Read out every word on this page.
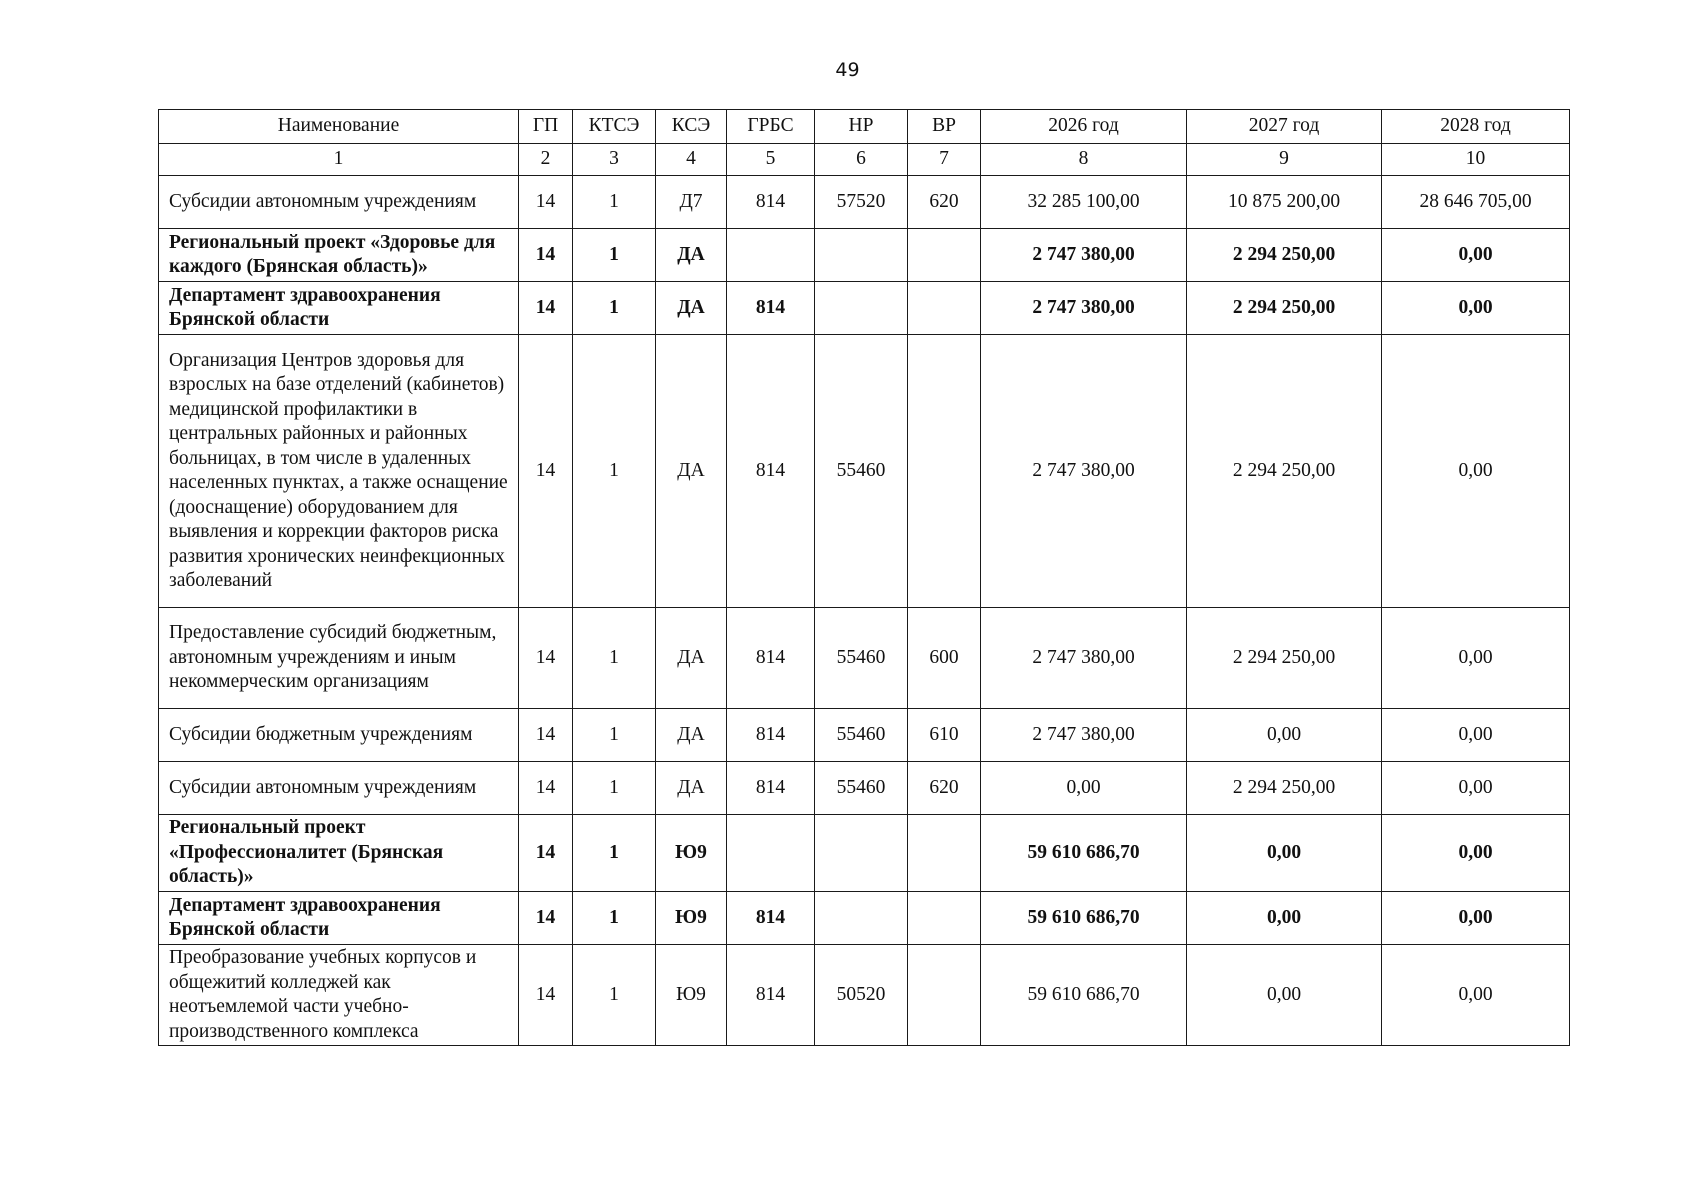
49
Наименование	ГП	КТСЭ	КСЭ	ГРБС	НР	ВР	2026 год	2027 год	2028 год
1	2	3	4	5	6	7	8	9	10
Субсидии автономным учреждениям	14	1	Д7	814	57520	620	32 285 100,00	10 875 200,00	28 646 705,00
Региональный проект «Здоровье для каждого (Брянская область)»	14	1	ДА				2 747 380,00	2 294 250,00	0,00
Департамент здравоохранения Брянской области	14	1	ДА	814			2 747 380,00	2 294 250,00	0,00
Организация Центров здоровья для взрослых на базе отделений (кабинетов) медицинской профилактики в центральных районных и районных больницах, в том числе в удаленных населенных пунктах, а также оснащение (дооснащение) оборудованием для выявления и коррекции факторов риска развития хронических неинфекционных заболеваний	14	1	ДА	814	55460		2 747 380,00	2 294 250,00	0,00
Предоставление субсидий бюджетным, автономным учреждениям и иным некоммерческим организациям	14	1	ДА	814	55460	600	2 747 380,00	2 294 250,00	0,00
Субсидии бюджетным учреждениям	14	1	ДА	814	55460	610	2 747 380,00	0,00	0,00
Субсидии автономным учреждениям	14	1	ДА	814	55460	620	0,00	2 294 250,00	0,00
Региональный проект «Профессионалитет (Брянская область)»	14	1	Ю9				59 610 686,70	0,00	0,00
Департамент здравоохранения Брянской области	14	1	Ю9	814			59 610 686,70	0,00	0,00
Преобразование учебных корпусов и общежитий колледжей как неотъемлемой части учебно-производственного комплекса	14	1	Ю9	814	50520		59 610 686,70	0,00	0,00
